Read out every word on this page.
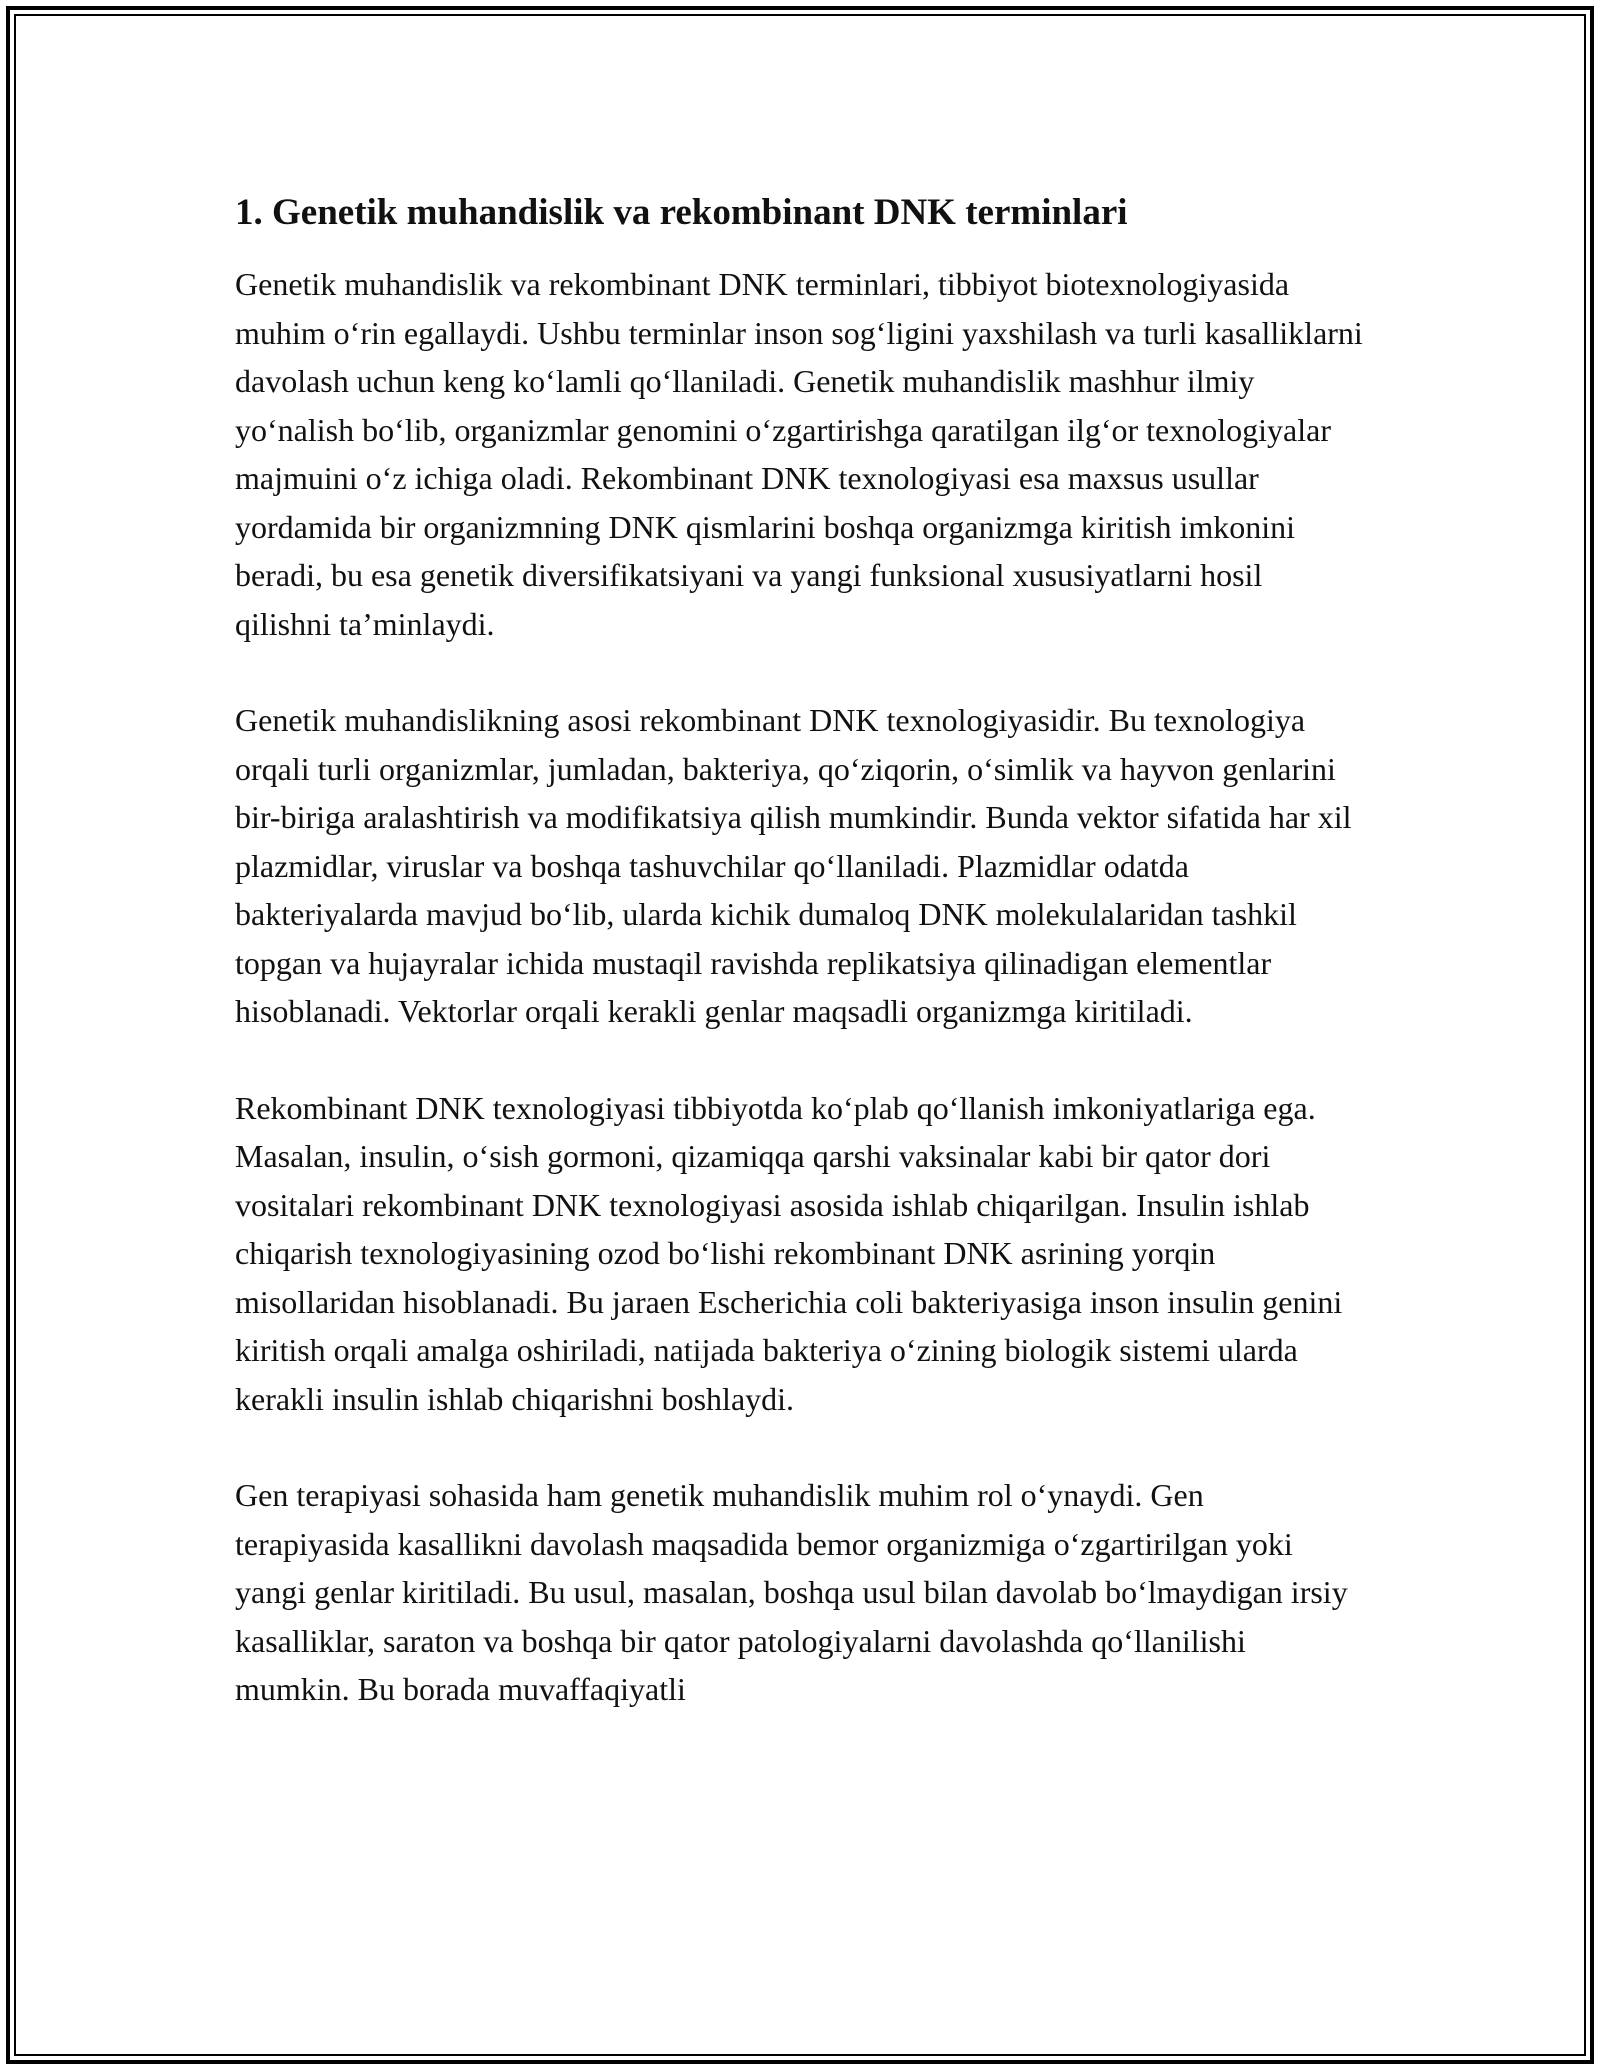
1. Genetik muhandislik va rekombinant DNK terminlari

Genetik muhandislik va rekombinant DNK terminlari, tibbiyot biotexnologiyasida muhim o‘rin egallaydi. Ushbu terminlar inson sog‘ligini yaxshilash va turli kasalliklarni davolash uchun keng ko‘lamli qo‘llaniladi. Genetik muhandislik mashhur ilmiy yo‘nalish bo‘lib, organizmlar genomini o‘zgartirishga qaratilgan ilg‘or texnologiyalar majmuini o‘z ichiga oladi. Rekombinant DNK texnologiyasi esa maxsus usullar yordamida bir organizmning DNK qismlarini boshqa organizmga kiritish imkonini beradi, bu esa genetik diversifikatsiyani va yangi funksional xususiyatlarni hosil qilishni ta’minlaydi.

Genetik muhandislikning asosi rekombinant DNK texnologiyasidir. Bu texnologiya orqali turli organizmlar, jumladan, bakteriya, qo‘ziqorin, o‘simlik va hayvon genlarini bir-biriga aralashtirish va modifikatsiya qilish mumkindir. Bunda vektor sifatida har xil plazmidlar, viruslar va boshqa tashuvchilar qo‘llaniladi. Plazmidlar odatda bakteriyalarda mavjud bo‘lib, ularda kichik dumaloq DNK molekulalaridan tashkil topgan va hujayralar ichida mustaqil ravishda replikatsiya qilinadigan elementlar hisoblanadi. Vektorlar orqali kerakli genlar maqsadli organizmga kiritiladi.

Rekombinant DNK texnologiyasi tibbiyotda ko‘plab qo‘llanish imkoniyatlariga ega. Masalan, insulin, o‘sish gormoni, qizamiqqa qarshi vaksinalar kabi bir qator dori vositalari rekombinant DNK texnologiyasi asosida ishlab chiqarilgan. Insulin ishlab chiqarish texnologiyasining ozod bo‘lishi rekombinant DNK asrining yorqin misollaridan hisoblanadi. Bu jaraen Escherichia coli bakteriyasiga inson insulin genini kiritish orqali amalga oshiriladi, natijada bakteriya o‘zining biologik sistemi ularda kerakli insulin ishlab chiqarishni boshlaydi.

Gen terapiyasi sohasida ham genetik muhandislik muhim rol o‘ynaydi. Gen terapiyasida kasallikni davolash maqsadida bemor organizmiga o‘zgartirilgan yoki yangi genlar kiritiladi. Bu usul, masalan, boshqa usul bilan davolab bo‘lmaydigan irsiy kasalliklar, saraton va boshqa bir qator patologiyalarni davolashda qo‘llanilishi mumkin. Bu borada muvaffaqiyatli
